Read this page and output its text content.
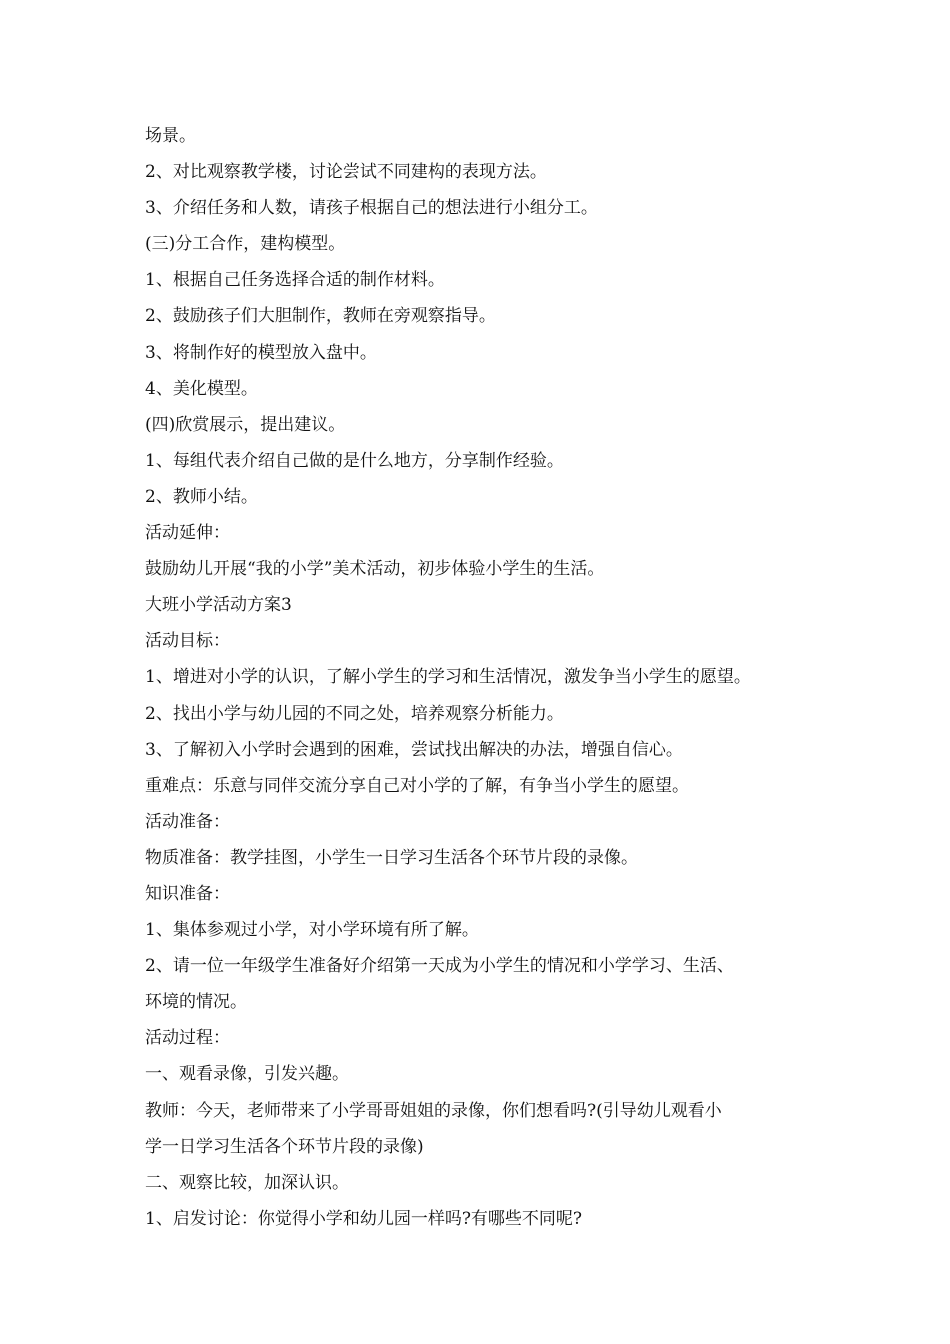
场景。
2、对比观察教学楼，讨论尝试不同建构的表现方法。
3、介绍任务和人数，请孩子根据自己的想法进行小组分工。
(三)分工合作，建构模型。
1、根据自己任务选择合适的制作材料。
2、鼓励孩子们大胆制作，教师在旁观察指导。
3、将制作好的模型放入盘中。
4、美化模型。
(四)欣赏展示，提出建议。
1、每组代表介绍自己做的是什么地方，分享制作经验。
2、教师小结。
活动延伸：
鼓励幼儿开展“我的小学”美术活动，初步体验小学生的生活。
大班小学活动方案3
活动目标：
1、增进对小学的认识，了解小学生的学习和生活情况，激发争当小学生的愿望。
2、找出小学与幼儿园的不同之处，培养观察分析能力。
3、了解初入小学时会遇到的困难，尝试找出解决的办法，增强自信心。
重难点：乐意与同伴交流分享自己对小学的了解，有争当小学生的愿望。
活动准备：
物质准备：教学挂图，小学生一日学习生活各个环节片段的录像。
知识准备：
1、集体参观过小学，对小学环境有所了解。
2、请一位一年级学生准备好介绍第一天成为小学生的情况和小学学习、生活、
环境的情况。
活动过程：
一、观看录像，引发兴趣。
教师：今天，老师带来了小学哥哥姐姐的录像，你们想看吗?(引导幼儿观看小
学一日学习生活各个环节片段的录像)
二、观察比较，加深认识。
1、启发讨论：你觉得小学和幼儿园一样吗?有哪些不同呢?
